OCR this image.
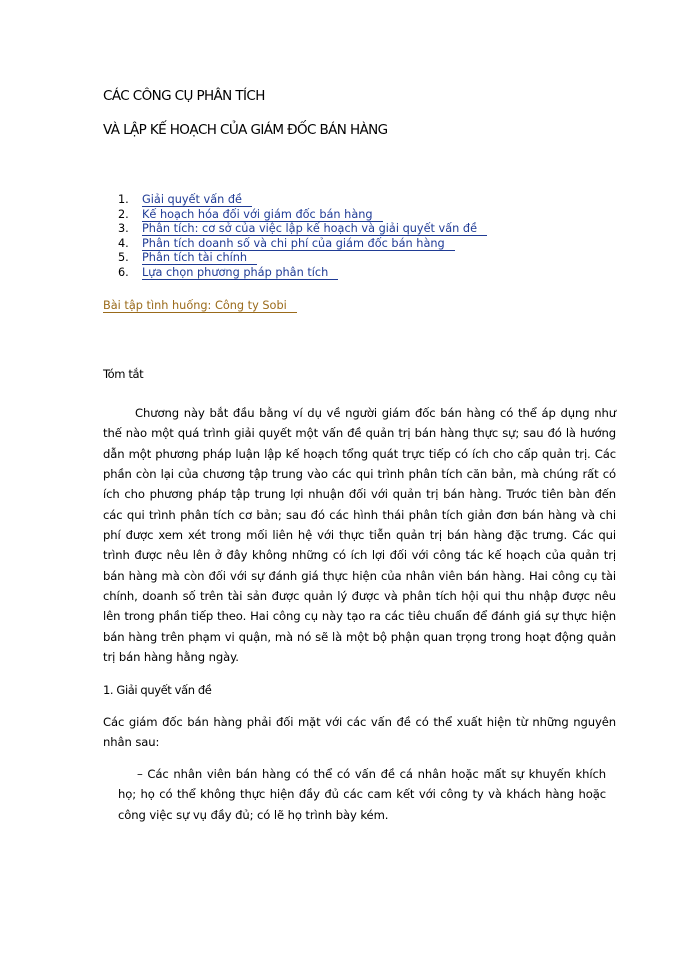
CÁC CÔNG CỤ PHÂN TÍCH
VÀ LẬP KẾ HOẠCH CỦA GIÁM ĐỐC BÁN HÀNG
1. Giải quyết vấn đề
2. Kế hoạch hóa đối với giám đốc bán hàng
3. Phân tích: cơ sở của việc lập kế hoạch và giải quyết vấn đề
4. Phân tích doanh số và chi phí của giám đốc bán hàng
5. Phân tích tài chính
6. Lựa chọn phương pháp phân tích
Bài tập tình huống: Công ty Sobi
Tóm tắt

Chương này bắt đầu bằng ví dụ về người giám đốc bán hàng có thể áp dụng như thế nào một quá trình giải quyết một vấn đề quản trị bán hàng thực sự; sau đó là hướng dẫn một phương pháp luận lập kế hoạch tổng quát trực tiếp có ích cho cấp quản trị. Các phần còn lại của chương tập trung vào các qui trình phân tích căn bản, mà chúng rất có ích cho phương pháp tập trung lợi nhuận đối với quản trị bán hàng. Trước tiên bàn đến các qui trình phân tích cơ bản; sau đó các hình thái phân tích giản đơn bán hàng và chi phí được xem xét trong mối liên hệ với thực tiễn quản trị bán hàng đặc trưng. Các qui trình được nêu lên ở đây không những có ích lợi đối với công tác kế hoạch của quản trị bán hàng mà còn đối với sự đánh giá thực hiện của nhân viên bán hàng. Hai công cụ tài chính, doanh số trên tài sản được quản lý được và phân tích hội qui thu nhập được nêu lên trong phần tiếp theo. Hai công cụ này tạo ra các tiêu chuẩn để đánh giá sự thực hiện bán hàng trên phạm vi quận, mà nó sẽ là một bộ phận quan trọng trong hoạt động quản trị bán hàng hằng ngày.

1. Giải quyết vấn đề

Các giám đốc bán hàng phải đối mặt với các vấn đề có thể xuất hiện từ những nguyên nhân sau:

– Các nhân viên bán hàng có thể có vấn đề cá nhân hoặc mất sự khuyến khích họ; họ có thể không thực hiện đầy đủ các cam kết với công ty và khách hàng hoặc công việc sự vụ đầy đủ; có lẽ họ trình bày kém.
